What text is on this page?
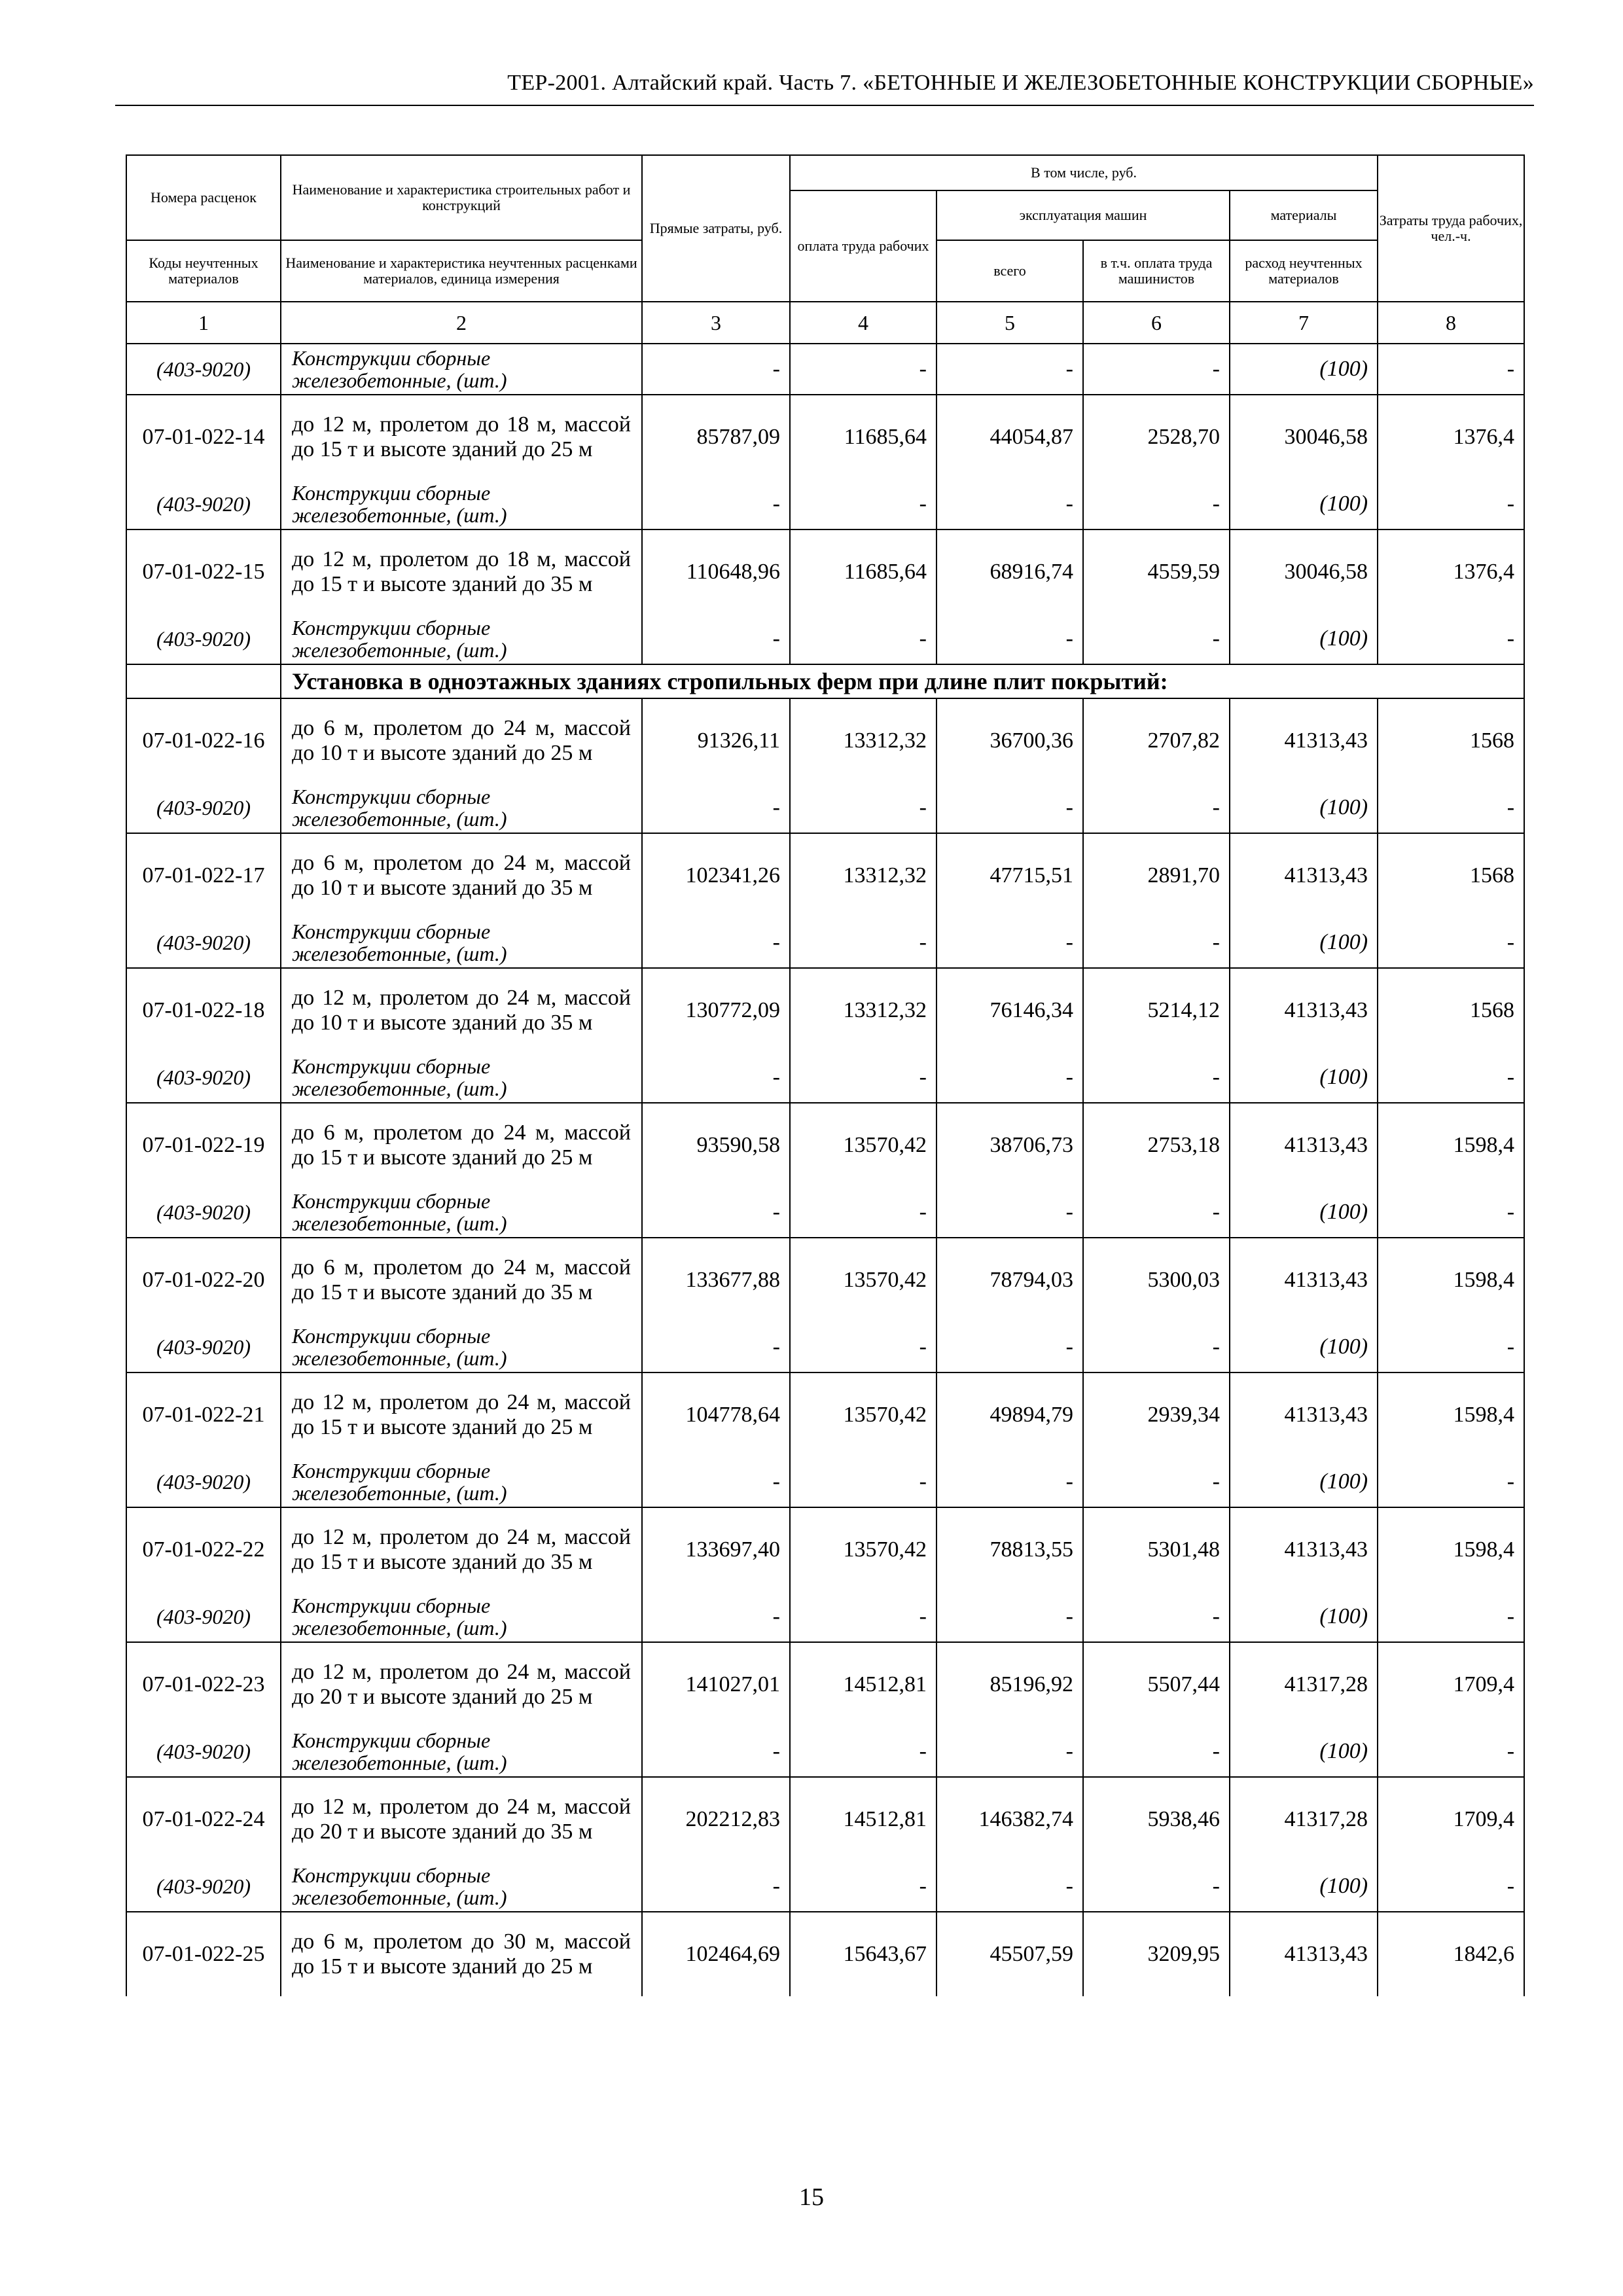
ТЕР-2001. Алтайский край. Часть 7. «БЕТОННЫЕ И ЖЕЛЕЗОБЕТОННЫЕ КОНСТРУКЦИИ СБОРНЫЕ»
Номера расценок	Наименование и характеристика строительных работ и конструкций	Прямые затраты, руб.	В том числе, руб.				Затраты труда рабочих, чел.-ч.
			оплата труда рабочих	эксплуатация машин		материалы	
Коды неучтенных материалов	Наименование и характеристика неучтенных расценками материалов, единица измерения			всего	в т.ч. оплата труда машинистов	расход неучтенных материалов	
1	2	3	4	5	6	7	8
(403-9020)	Конструкции сборные железобетонные, (шт.)	-	-	-	-	(100)	-
07-01-022-14	до 12 м, пролетом до 18 м, массой до 15 т и высоте зданий до 25 м	85787,09	11685,64	44054,87	2528,70	30046,58	1376,4
(403-9020)	Конструкции сборные железобетонные, (шт.)	-	-	-	-	(100)	-
07-01-022-15	до 12 м, пролетом до 18 м, массой до 15 т и высоте зданий до 35 м	110648,96	11685,64	68916,74	4559,59	30046,58	1376,4
(403-9020)	Конструкции сборные железобетонные, (шт.)	-	-	-	-	(100)	-
	Установка в одноэтажных зданиях стропильных ферм при длине плит покрытий:						
07-01-022-16	до 6 м, пролетом до 24 м, массой до 10 т и высоте зданий до 25 м	91326,11	13312,32	36700,36	2707,82	41313,43	1568
(403-9020)	Конструкции сборные железобетонные, (шт.)	-	-	-	-	(100)	-
07-01-022-17	до 6 м, пролетом до 24 м, массой до 10 т и высоте зданий до 35 м	102341,26	13312,32	47715,51	2891,70	41313,43	1568
(403-9020)	Конструкции сборные железобетонные, (шт.)	-	-	-	-	(100)	-
07-01-022-18	до 12 м, пролетом до 24 м, массой до 10 т и высоте зданий до 35 м	130772,09	13312,32	76146,34	5214,12	41313,43	1568
(403-9020)	Конструкции сборные железобетонные, (шт.)	-	-	-	-	(100)	-
07-01-022-19	до 6 м, пролетом до 24 м, массой до 15 т и высоте зданий до 25 м	93590,58	13570,42	38706,73	2753,18	41313,43	1598,4
(403-9020)	Конструкции сборные железобетонные, (шт.)	-	-	-	-	(100)	-
07-01-022-20	до 6 м, пролетом до 24 м, массой до 15 т и высоте зданий до 35 м	133677,88	13570,42	78794,03	5300,03	41313,43	1598,4
(403-9020)	Конструкции сборные железобетонные, (шт.)	-	-	-	-	(100)	-
07-01-022-21	до 12 м, пролетом до 24 м, массой до 15 т и высоте зданий до 25 м	104778,64	13570,42	49894,79	2939,34	41313,43	1598,4
(403-9020)	Конструкции сборные железобетонные, (шт.)	-	-	-	-	(100)	-
07-01-022-22	до 12 м, пролетом до 24 м, массой до 15 т и высоте зданий до 35 м	133697,40	13570,42	78813,55	5301,48	41313,43	1598,4
(403-9020)	Конструкции сборные железобетонные, (шт.)	-	-	-	-	(100)	-
07-01-022-23	до 12 м, пролетом до 24 м, массой до 20 т и высоте зданий до 25 м	141027,01	14512,81	85196,92	5507,44	41317,28	1709,4
(403-9020)	Конструкции сборные железобетонные, (шт.)	-	-	-	-	(100)	-
07-01-022-24	до 12 м, пролетом до 24 м, массой до 20 т и высоте зданий до 35 м	202212,83	14512,81	146382,74	5938,46	41317,28	1709,4
(403-9020)	Конструкции сборные железобетонные, (шт.)	-	-	-	-	(100)	-
07-01-022-25	до 6 м, пролетом до 30 м, массой до 15 т и высоте зданий до 25 м	102464,69	15643,67	45507,59	3209,95	41313,43	1842,6
15
